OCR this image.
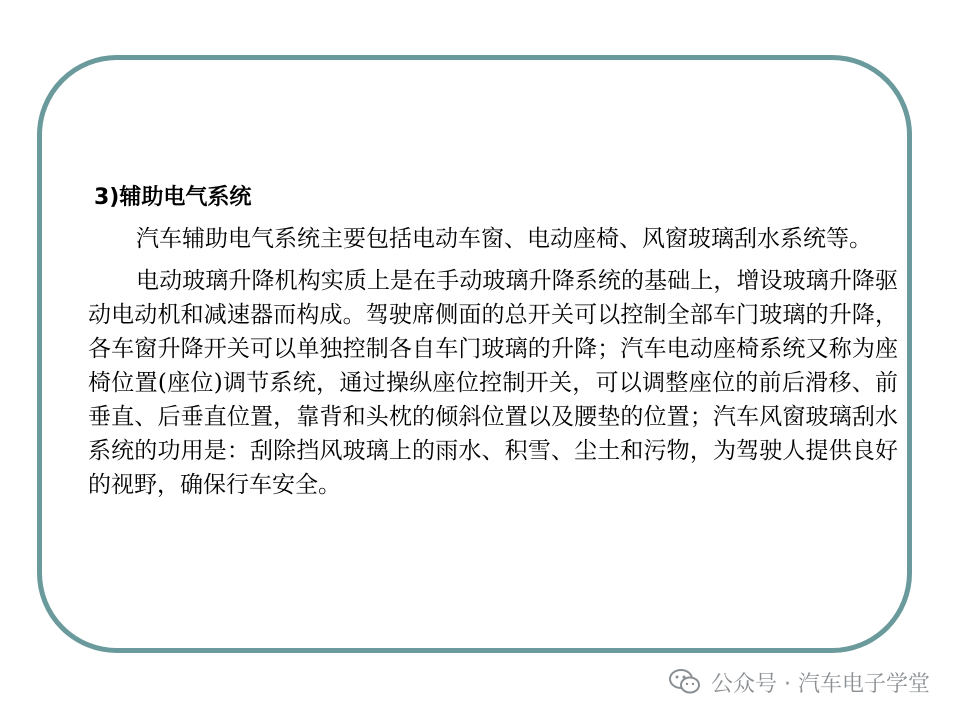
3)辅助电气系统

汽车辅助电气系统主要包括电动车窗、电动座椅、风窗玻璃刮水系统等。

电动玻璃升降机构实质上是在手动玻璃升降系统的基础上，增设玻璃升降驱动电动机和减速器而构成。驾驶席侧面的总开关可以控制全部车门玻璃的升降，各车窗升降开关可以单独控制各自车门玻璃的升降；汽车电动座椅系统又称为座椅位置(座位)调节系统，通过操纵座位控制开关，可以调整座位的前后滑移、前垂直、后垂直位置，靠背和头枕的倾斜位置以及腰垫的位置；汽车风窗玻璃刮水系统的功用是：刮除挡风玻璃上的雨水、积雪、尘土和污物，为驾驶人提供良好的视野，确保行车安全。

公众号 · 汽车电子学堂
